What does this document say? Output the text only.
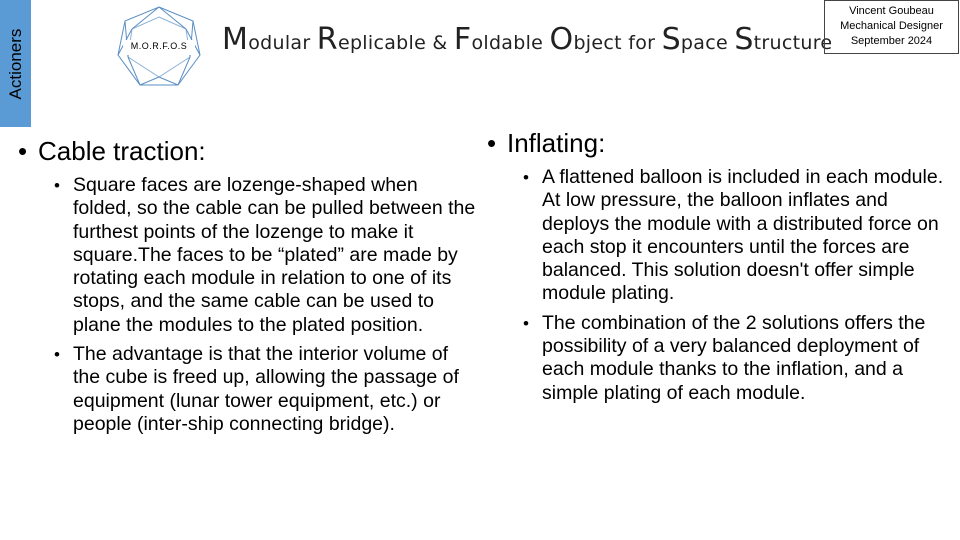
Actioners	M.O.R.F.O.S	Modular Replicable & Foldable Object for Space Structure
Vincent Goubeau
Mechanical Designer
September 2024
• Cable traction:
• Square faces are lozenge-shaped when folded, so the cable can be pulled between the furthest points of the lozenge to make it square.The faces to be “plated” are made by rotating each module in relation to one of its stops, and the same cable can be used to plane the modules to the plated position.
• The advantage is that the interior volume of the cube is freed up, allowing the passage of equipment (lunar tower equipment, etc.) or people (inter-ship connecting bridge).
• Inflating:
• A flattened balloon is included in each module. At low pressure, the balloon inflates and deploys the module with a distributed force on each stop it encounters until the forces are balanced. This solution doesn't offer simple module plating.
• The combination of the 2 solutions offers the possibility of a very balanced deployment of each module thanks to the inflation, and a simple plating of each module.
